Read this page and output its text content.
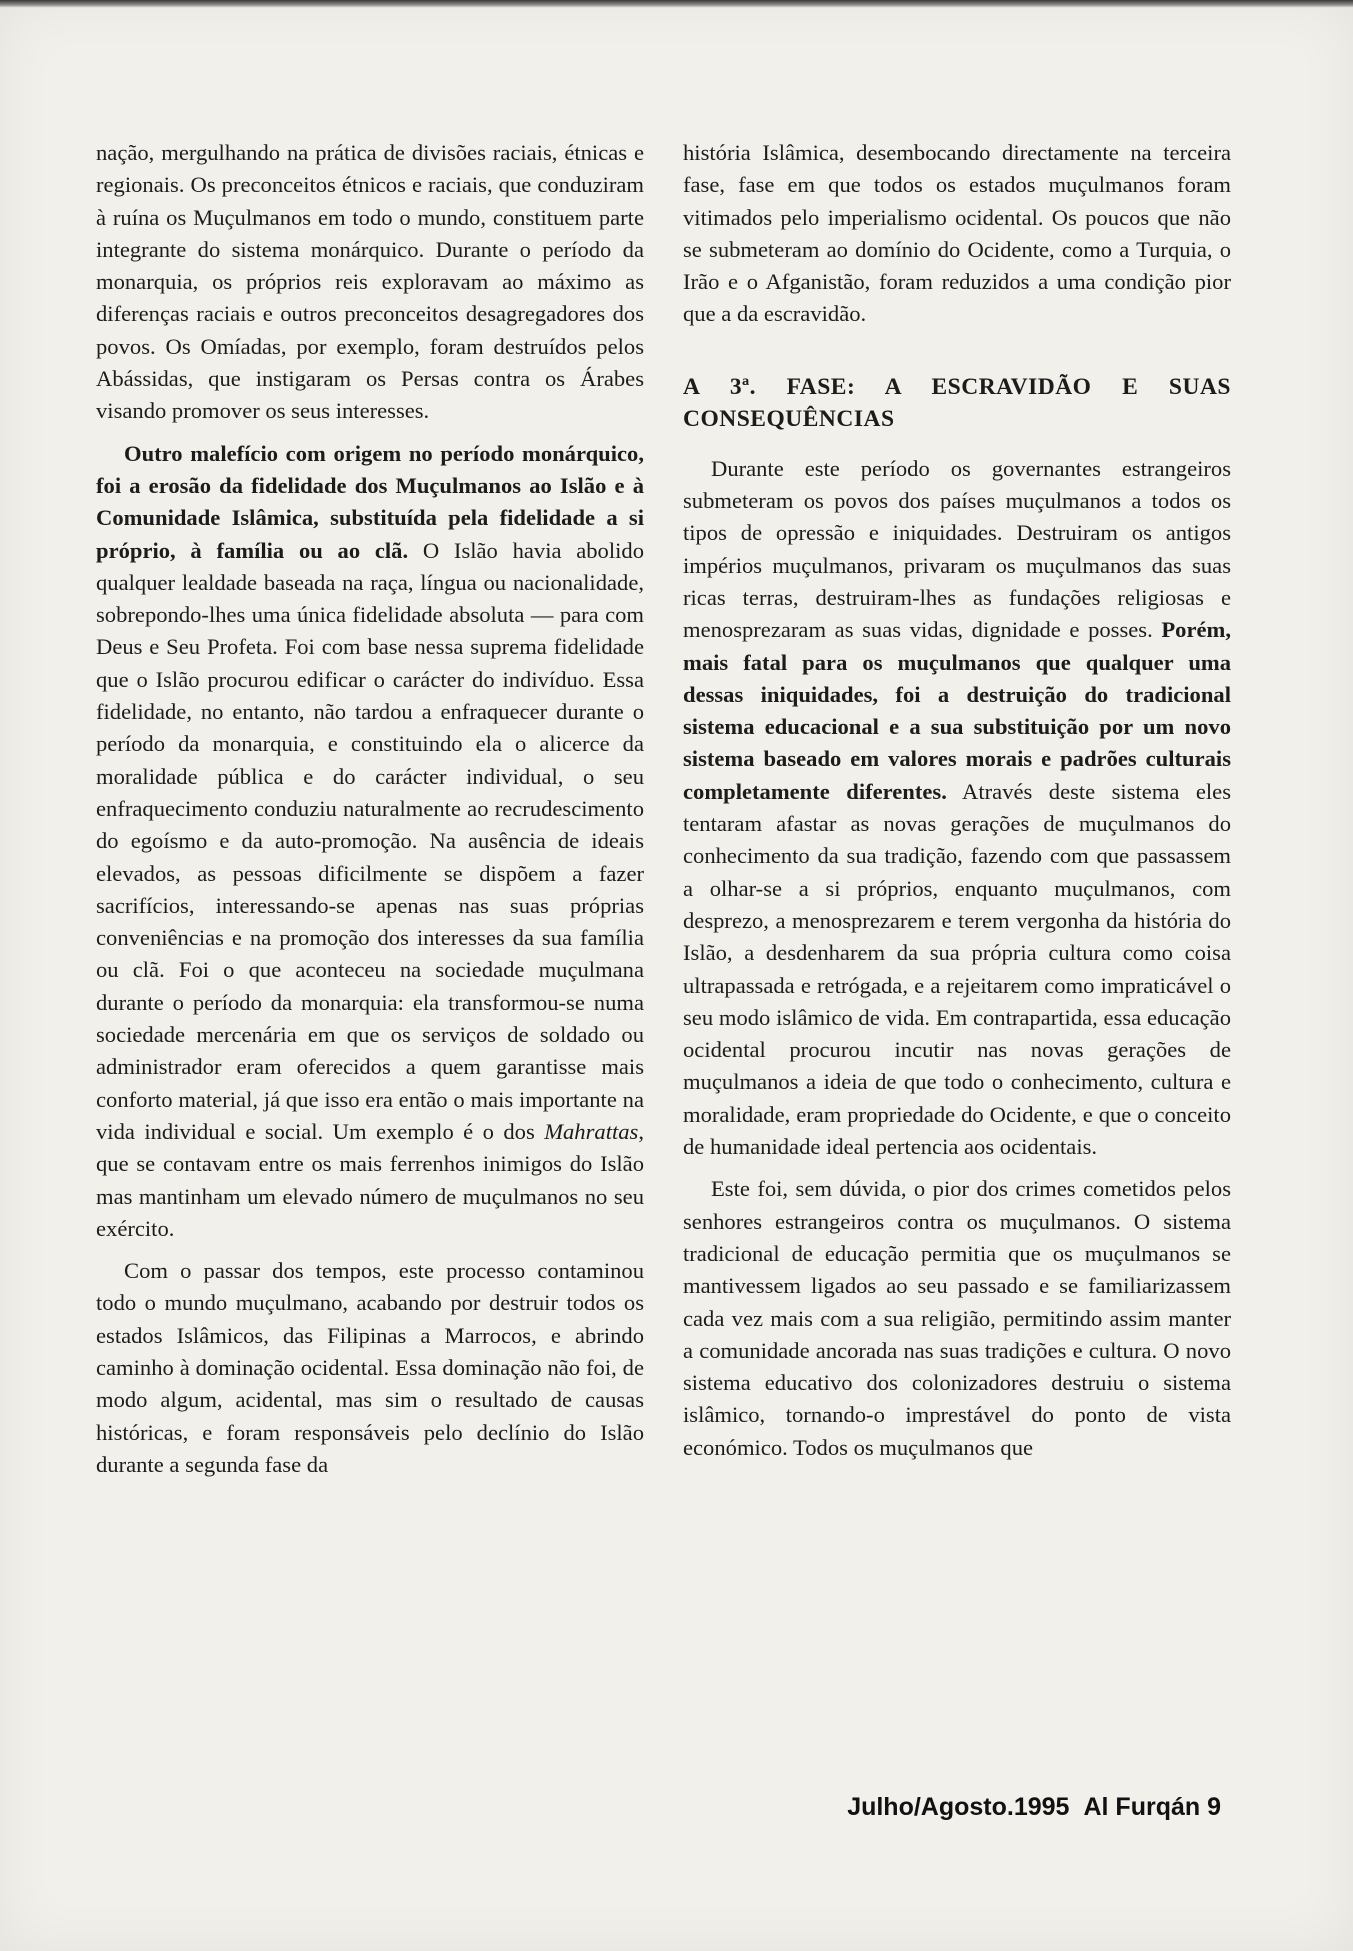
nação, mergulhando na prática de divisões raciais, étnicas e regionais. Os preconceitos étnicos e raciais, que conduziram à ruína os Muçulmanos em todo o mundo, constituem parte integrante do sistema monárquico. Durante o período da monarquia, os próprios reis exploravam ao máximo as diferenças raciais e outros preconceitos desagregadores dos povos. Os Omíadas, por exemplo, foram destruídos pelos Abássidas, que instigaram os Persas contra os Árabes visando promover os seus interesses.

Outro malefício com origem no período monárquico, foi a erosão da fidelidade dos Muçulmanos ao Islão e à Comunidade Islâmica, substituída pela fidelidade a si próprio, à família ou ao clã. O Islão havia abolido qualquer lealdade baseada na raça, língua ou nacionalidade, sobrepondo-lhes uma única fidelidade absoluta — para com Deus e Seu Profeta. Foi com base nessa suprema fidelidade que o Islão procurou edificar o carácter do indivíduo. Essa fidelidade, no entanto, não tardou a enfraquecer durante o período da monarquia, e constituindo ela o alicerce da moralidade pública e do carácter individual, o seu enfraquecimento conduziu naturalmente ao recrudescimento do egoísmo e da auto-promoção. Na ausência de ideais elevados, as pessoas dificilmente se dispõem a fazer sacrifícios, interessando-se apenas nas suas próprias conveniências e na promoção dos interesses da sua família ou clã. Foi o que aconteceu na sociedade muçulmana durante o período da monarquia: ela transformou-se numa sociedade mercenária em que os serviços de soldado ou administrador eram oferecidos a quem garantisse mais conforto material, já que isso era então o mais importante na vida individual e social. Um exemplo é o dos Mahrattas, que se contavam entre os mais ferrenhos inimigos do Islão mas mantinham um elevado número de muçulmanos no seu exército.

Com o passar dos tempos, este processo contaminou todo o mundo muçulmano, acabando por destruir todos os estados Islâmicos, das Filipinas a Marrocos, e abrindo caminho à dominação ocidental. Essa dominação não foi, de modo algum, acidental, mas sim o resultado de causas históricas, e foram responsáveis pelo declínio do Islão durante a segunda fase da

história Islâmica, desembocando directamente na terceira fase, fase em que todos os estados muçulmanos foram vitimados pelo imperialismo ocidental. Os poucos que não se submeteram ao domínio do Ocidente, como a Turquia, o Irão e o Afganistão, foram reduzidos a uma condição pior que a da escravidão.

A 3ª. FASE: A ESCRAVIDÃO E SUAS
CONSEQUÊNCIAS

Durante este período os governantes estrangeiros submeteram os povos dos países muçulmanos a todos os tipos de opressão e iniquidades. Destruiram os antigos impérios muçulmanos, privaram os muçulmanos das suas ricas terras, destruiram-lhes as fundações religiosas e menosprezaram as suas vidas, dignidade e posses. Porém, mais fatal para os muçulmanos que qualquer uma dessas iniquidades, foi a destruição do tradicional sistema educacional e a sua substituição por um novo sistema baseado em valores morais e padrões culturais completamente diferentes. Através deste sistema eles tentaram afastar as novas gerações de muçulmanos do conhecimento da sua tradição, fazendo com que passassem a olhar-se a si próprios, enquanto muçulmanos, com desprezo, a menosprezarem e terem vergonha da história do Islão, a desdenharem da sua própria cultura como coisa ultrapassada e retrógada, e a rejeitarem como impraticável o seu modo islâmico de vida. Em contrapartida, essa educação ocidental procurou incutir nas novas gerações de muçulmanos a ideia de que todo o conhecimento, cultura e moralidade, eram propriedade do Ocidente, e que o conceito de humanidade ideal pertencia aos ocidentais.

Este foi, sem dúvida, o pior dos crimes cometidos pelos senhores estrangeiros contra os muçulmanos. O sistema tradicional de educação permitia que os muçulmanos se mantivessem ligados ao seu passado e se familiarizassem cada vez mais com a sua religião, permitindo assim manter a comunidade ancorada nas suas tradições e cultura. O novo sistema educativo dos colonizadores destruiu o sistema islâmico, tornando-o imprestável do ponto de vista económico. Todos os muçulmanos que

Julho/Agosto.1995 Al Furqán 9
